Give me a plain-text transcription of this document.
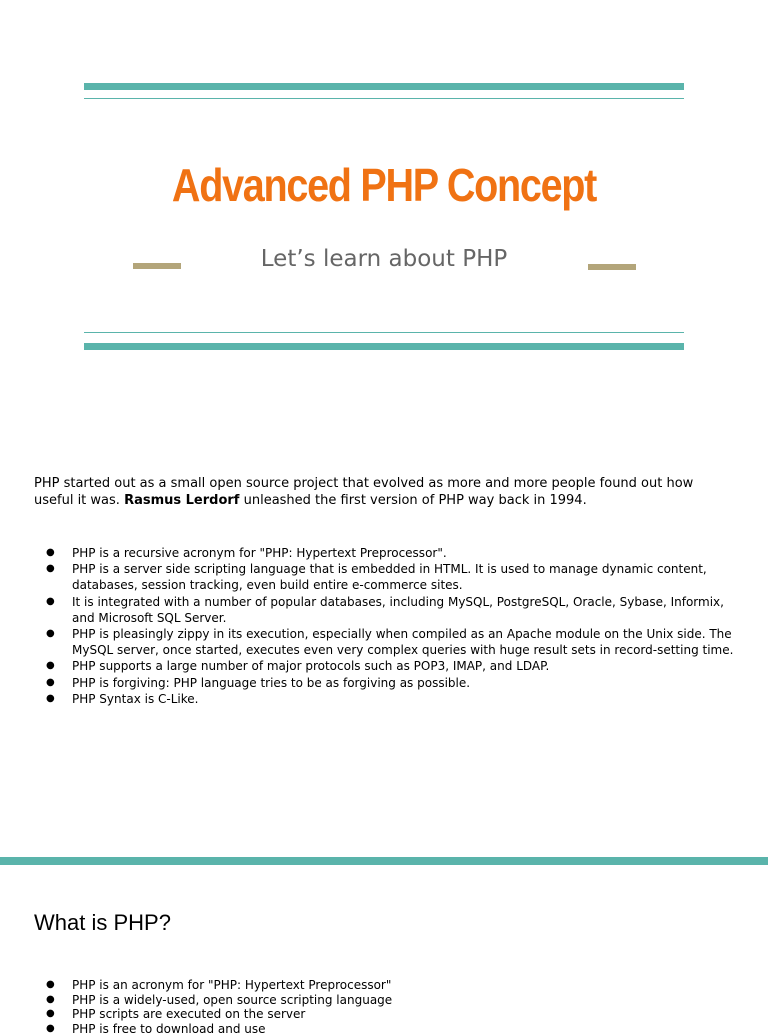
Advanced PHP Concept
Let’s learn about PHP
PHP started out as a small open source project that evolved as more and more people found out how useful it was. Rasmus Lerdorf unleashed the first version of PHP way back in 1994.
● PHP is a recursive acronym for "PHP: Hypertext Preprocessor".
● PHP is a server side scripting language that is embedded in HTML. It is used to manage dynamic content, databases, session tracking, even build entire e-commerce sites.
● It is integrated with a number of popular databases, including MySQL, PostgreSQL, Oracle, Sybase, Informix, and Microsoft SQL Server.
● PHP is pleasingly zippy in its execution, especially when compiled as an Apache module on the Unix side. The MySQL server, once started, executes even very complex queries with huge result sets in record-setting time.
● PHP supports a large number of major protocols such as POP3, IMAP, and LDAP.
● PHP is forgiving: PHP language tries to be as forgiving as possible.
● PHP Syntax is C-Like.
What is PHP?
● PHP is an acronym for "PHP: Hypertext Preprocessor"
● PHP is a widely-used, open source scripting language
● PHP scripts are executed on the server
● PHP is free to download and use
